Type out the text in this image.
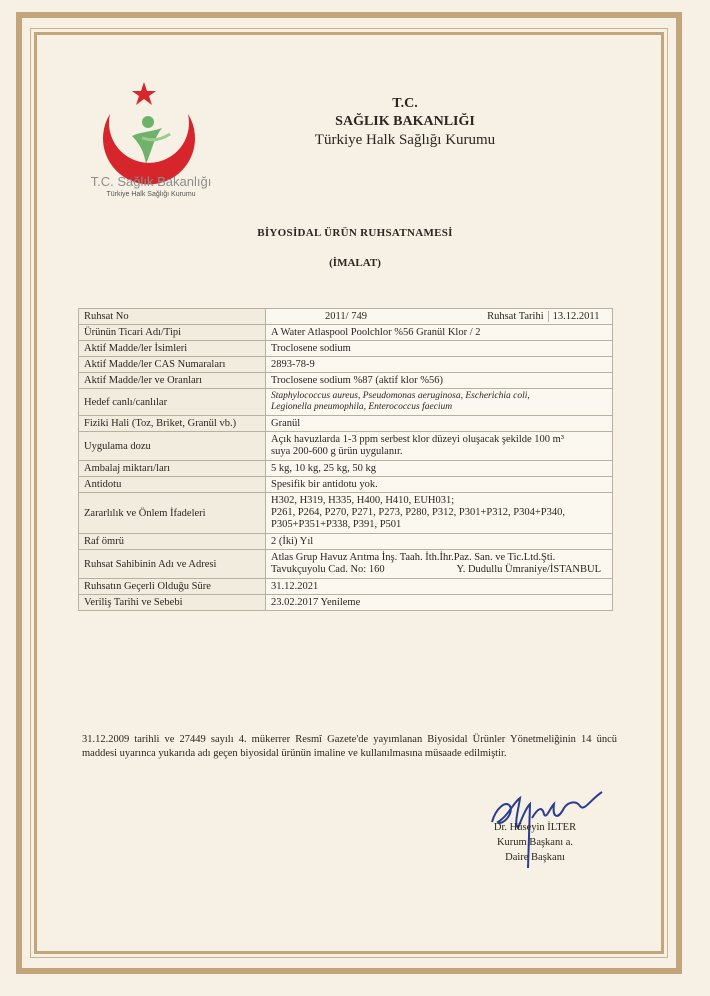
T.C. Sağlık Bakanlığı
Türkiye Halk Sağlığı Kurumu
T.C.
SAĞLIK BAKANLIĞI
Türkiye Halk Sağlığı Kurumu
BİYOSİDAL ÜRÜN RUHSATNAMESİ
(İMALAT)
Ruhsat No	2011/ 749 Ruhsat Tarihi 13.12.2011
Ürünün Ticari Adı/Tipi	A Water Atlaspool Poolchlor %56 Granül Klor / 2
Aktif Madde/ler İsimleri	Troclosene sodium
Aktif Madde/ler CAS Numaraları	2893-78-9
Aktif Madde/ler ve Oranları	Troclosene sodium %87 (aktif klor %56)
Hedef canlı/canlılar	Staphylococcus aureus, Pseudomonas aeruginosa, Escherichia coli,
Legionella pneumophila, Enterococcus faecium

Fiziki Hali (Toz, Briket, Granül vb.)	Granül
Uygulama dozu	Açık havuzlarda 1-3 ppm serbest klor düzeyi oluşacak şekilde 100 m³
suya 200-600 g ürün uygulanır.

Ambalaj miktarı/ları	5 kg, 10 kg, 25 kg, 50 kg
Antidotu	Spesifik bir antidotu yok.
Zararlılık ve Önlem İfadeleri	H302, H319, H335, H400, H410, EUH031;
P261, P264, P270, P271, P273, P280, P312, P301+P312, P304+P340,
P305+P351+P338, P391, P501

Raf ömrü	2 (İki) Yıl
Ruhsat Sahibinin Adı ve Adresi	Atlas Grup Havuz Arıtma İnş. Taah. İth.İhr.Paz. San. ve Tic.Ltd.Şti.
Tavukçuyolu Cad. No: 160 Y. Dudullu Ümraniye/İSTANBUL

Ruhsatın Geçerli Olduğu Süre	31.12.2021
Veriliş Tarihi ve Sebebi	23.02.2017 Yenileme
31.12.2009 tarihli ve 27449 sayılı 4. mükerrer Resmî Gazete'de yayımlanan Biyosidal Ürünler Yönetmeliğinin 14 üncü maddesi uyarınca yukarıda adı geçen biyosidal ürünün imaline ve kullanılmasına müsaade edilmiştir.
Dr. Hüseyin İLTER
Kurum Başkanı a.
Daire Başkanı
